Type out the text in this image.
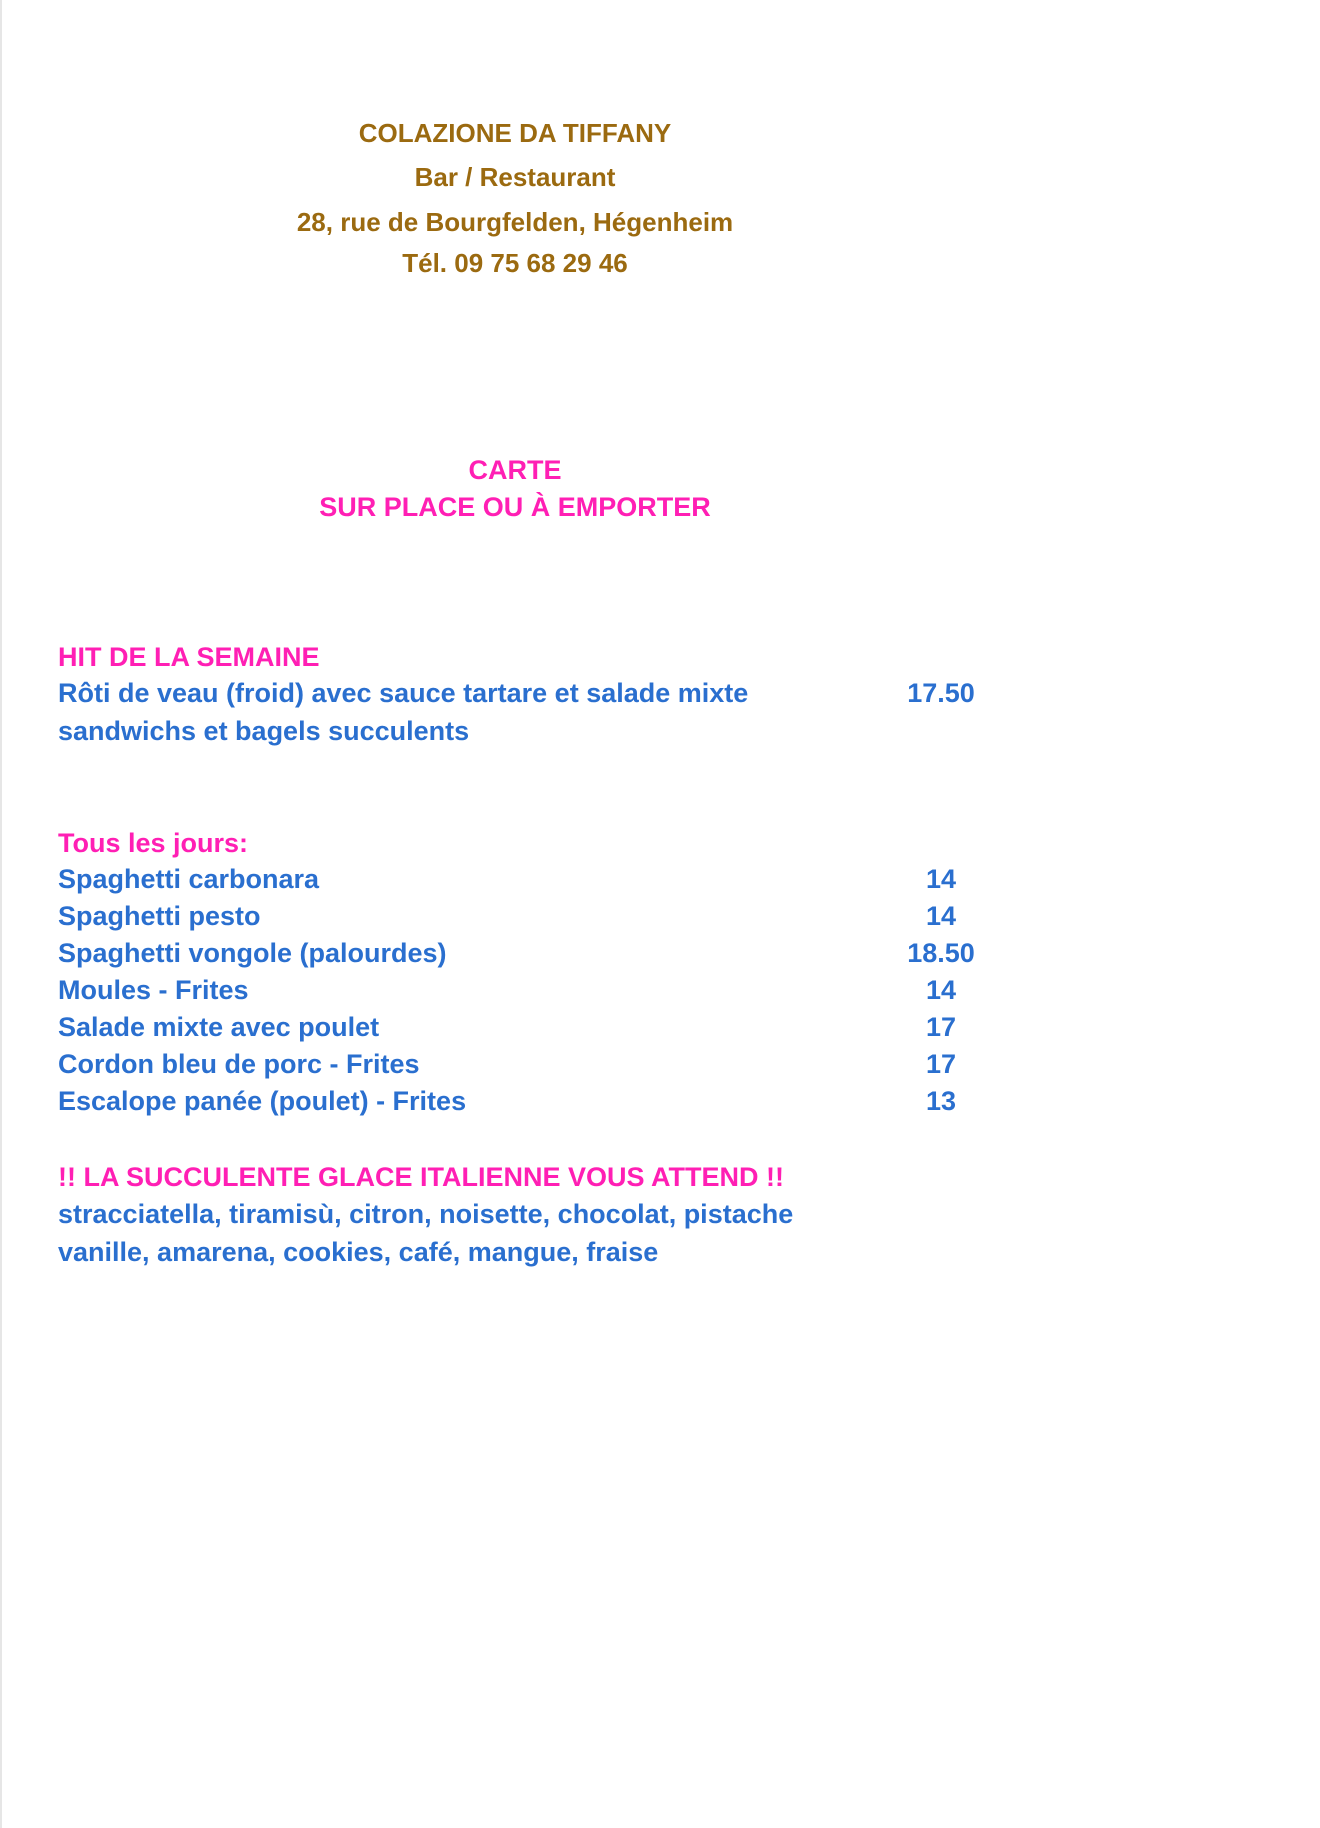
COLAZIONE DA TIFFANY
Bar / Restaurant
28, rue de Bourgfelden, Hégenheim
Tél. 09 75 68 29 46
CARTE
SUR PLACE OU À EMPORTER
HIT DE LA SEMAINE
Rôti de veau (froid) avec sauce tartare et salade mixte	17.50
sandwichs et bagels succulents
Tous les jours:
Spaghetti carbonara	14
Spaghetti pesto	14
Spaghetti vongole (palourdes)	18.50
Moules - Frites	14
Salade mixte avec poulet	17
Cordon bleu de porc - Frites	17
Escalope panée (poulet) - Frites	13
!! LA SUCCULENTE GLACE ITALIENNE VOUS ATTEND !!
stracciatella, tiramisù, citron, noisette, chocolat, pistache
vanille, amarena, cookies, café, mangue, fraise
